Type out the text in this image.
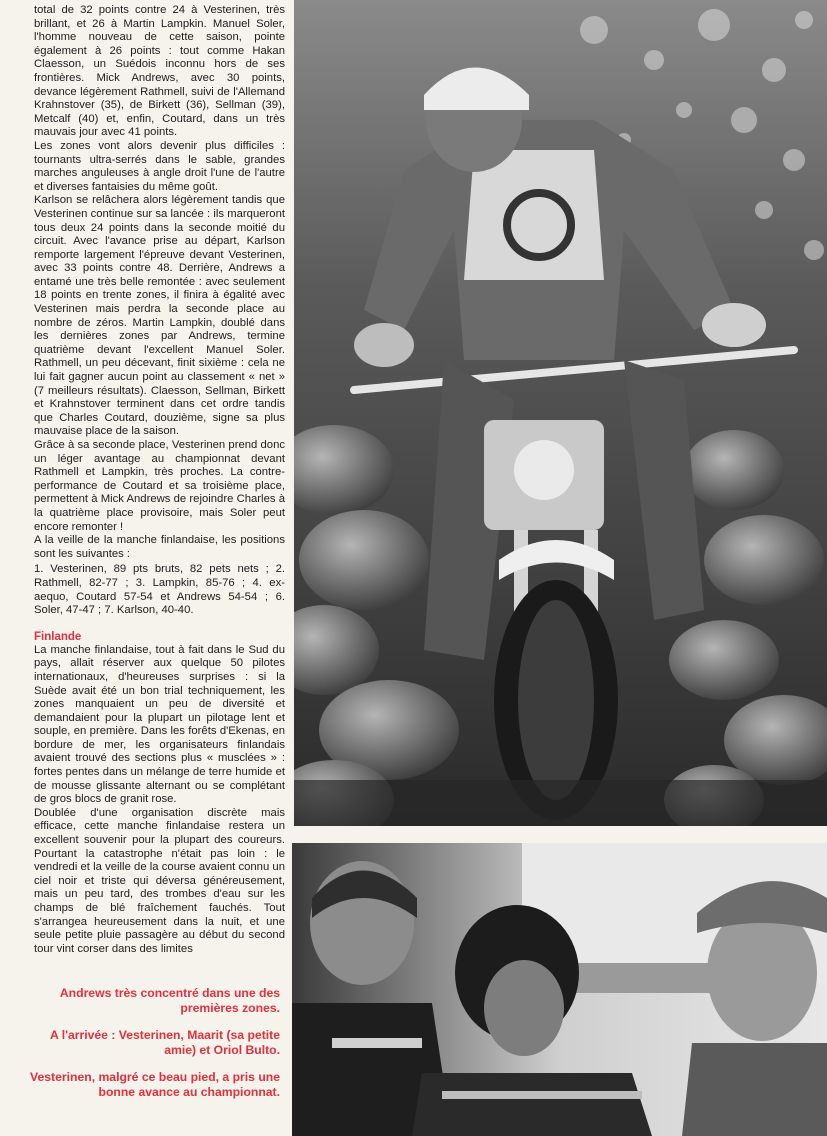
total de 32 points contre 24 à Vesterinen, très brillant, et 26 à Martin Lampkin. Manuel Soler, l'homme nouveau de cette saison, pointe également à 26 points : tout comme Hakan Claesson, un Suédois inconnu hors de ses frontières. Mick Andrews, avec 30 points, devance légèrement Rathmell, suivi de l'Allemand Krahnstover (35), de Birkett (36), Sellman (39), Metcalf (40) et, enfin, Coutard, dans un très mauvais jour avec 41 points.

Les zones vont alors devenir plus difficiles : tournants ultra-serrés dans le sable, grandes marches anguleuses à angle droit l'une de l'autre et diverses fantaisies du même goût.

Karlson se relâchera alors légèrement tandis que Vesterinen continue sur sa lancée : ils marqueront tous deux 24 points dans la seconde moitié du circuit. Avec l'avance prise au départ, Karlson remporte largement l'épreuve devant Vesterinen, avec 33 points contre 48. Derrière, Andrews a entamé une très belle remontée : avec seulement 18 points en trente zones, il finira à égalité avec Vesterinen mais perdra la seconde place au nombre de zéros. Martin Lampkin, doublé dans les dernières zones par Andrews, termine quatrième devant l'excellent Manuel Soler. Rathmell, un peu décevant, finit sixième : cela ne lui fait gagner aucun point au classement « net » (7 meilleurs résultats). Claesson, Sellman, Birkett et Krahnstover terminent dans cet ordre tandis que Charles Coutard, douzième, signe sa plus mauvaise place de la saison.

Grâce à sa seconde place, Vesterinen prend donc un léger avantage au championnat devant Rathmell et Lampkin, très proches. La contre-performance de Coutard et sa troisième place, permettent à Mick Andrews de rejoindre Charles à la quatrième place provisoire, mais Soler peut encore remonter !

A la veille de la manche finlandaise, les positions sont les suivantes :

1. Vesterinen, 89 pts bruts, 82 pets nets ; 2. Rathmell, 82-77 ; 3. Lampkin, 85-76 ; 4. ex-aequo, Coutard 57-54 et Andrews 54-54 ; 6. Soler, 47-47 ; 7. Karlson, 40-40.

Finlande

La manche finlandaise, tout à fait dans le Sud du pays, allait réserver aux quelque 50 pilotes internationaux, d'heureuses surprises : si la Suède avait été un bon trial techniquement, les zones manquaient un peu de diversité et demandaient pour la plupart un pilotage lent et souple, en première. Dans les forêts d'Ekenas, en bordure de mer, les organisateurs finlandais avaient trouvé des sections plus « musclées » : fortes pentes dans un mélange de terre humide et de mousse glissante alternant ou se complétant de gros blocs de granit rose.

Doublée d'une organisation discrète mais efficace, cette manche finlandaise restera un excellent souvenir pour la plupart des coureurs. Pourtant la catastrophe n'était pas loin : le vendredi et la veille de la course avaient connu un ciel noir et triste qui déversa généreusement, mais un peu tard, des trombes d'eau sur les champs de blé fraîchement fauchés. Tout s'arrangea heureusement dans la nuit, et une seule petite pluie passagère au début du second tour vint corser dans des limites

Andrews très concentré dans une des premières zones.

A l'arrivée : Vesterinen, Maarit (sa petite amie) et Oriol Bulto.

Vesterinen, malgré ce beau pied, a pris une bonne avance au championnat.
